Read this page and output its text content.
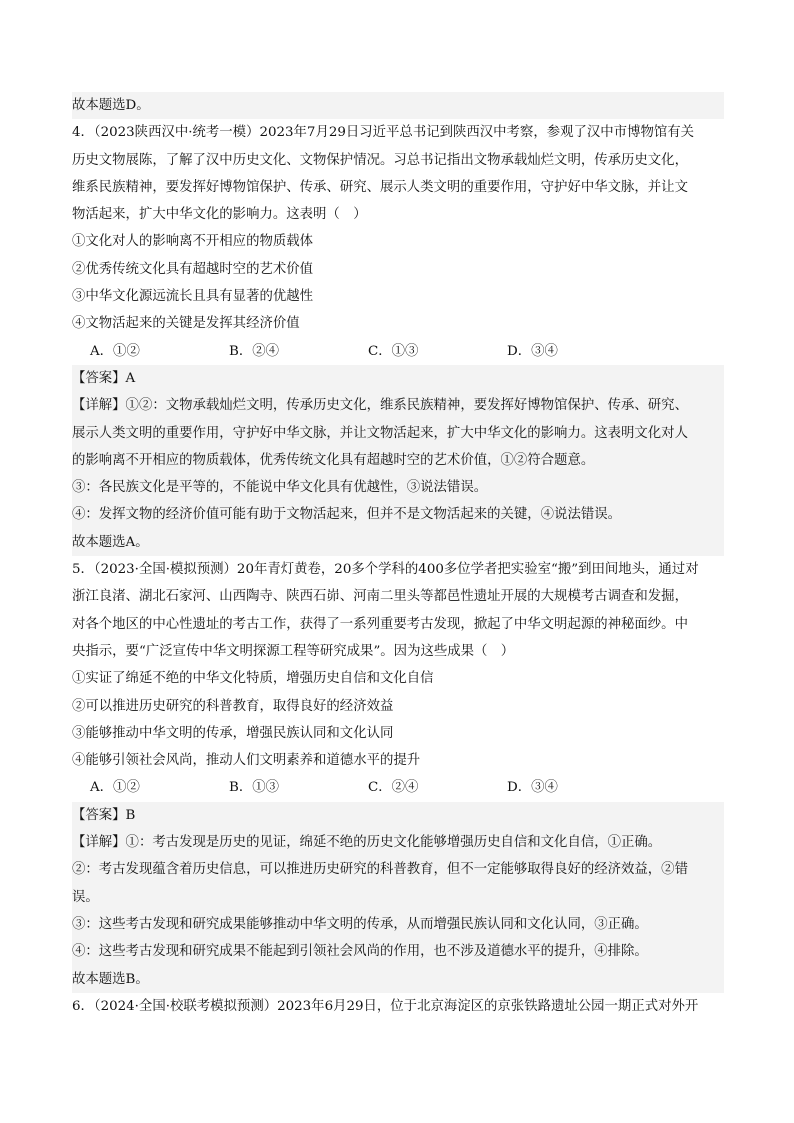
故本题选D。
4．（2023陕西汉中·统考一模）2023年7月29日习近平总书记到陕西汉中考察，参观了汉中市博物馆有关
历史文物展陈，了解了汉中历史文化、文物保护情况。习总书记指出文物承载灿烂文明，传承历史文化，
维系民族精神，要发挥好博物馆保护、传承、研究、展示人类文明的重要作用，守护好中华文脉，并让文
物活起来，扩大中华文化的影响力。这表明（　）
①文化对人的影响离不开相应的物质载体
②优秀传统文化具有超越时空的艺术价值
③中华文化源远流长且具有显著的优越性
④文物活起来的关键是发挥其经济价值
A．①②	B．②④	C．①③	D．③④
【答案】A
【详解】①②：文物承载灿烂文明，传承历史文化，维系民族精神，要发挥好博物馆保护、传承、研究、
展示人类文明的重要作用，守护好中华文脉，并让文物活起来，扩大中华文化的影响力。这表明文化对人
的影响离不开相应的物质载体，优秀传统文化具有超越时空的艺术价值，①②符合题意。
③：各民族文化是平等的，不能说中华文化具有优越性，③说法错误。
④：发挥文物的经济价值可能有助于文物活起来，但并不是文物活起来的关键，④说法错误。
故本题选A。
5．（2023·全国·模拟预测）20年青灯黄卷，20多个学科的400多位学者把实验室“搬”到田间地头，通过对
浙江良渚、湖北石家河、山西陶寺、陕西石峁、河南二里头等都邑性遗址开展的大规模考古调查和发掘，
对各个地区的中心性遗址的考古工作，获得了一系列重要考古发现，掀起了中华文明起源的神秘面纱。中
央指示，要“广泛宣传中华文明探源工程等研究成果”。因为这些成果（　）
①实证了绵延不绝的中华文化特质，增强历史自信和文化自信
②可以推进历史研究的科普教育，取得良好的经济效益
③能够推动中华文明的传承，增强民族认同和文化认同
④能够引领社会风尚，推动人们文明素养和道德水平的提升
A．①②	B．①③	C．②④	D．③④
【答案】B
【详解】①：考古发现是历史的见证，绵延不绝的历史文化能够增强历史自信和文化自信，①正确。
②：考古发现蕴含着历史信息，可以推进历史研究的科普教育，但不一定能够取得良好的经济效益，②错
误。
③：这些考古发现和研究成果能够推动中华文明的传承，从而增强民族认同和文化认同，③正确。
④：这些考古发现和研究成果不能起到引领社会风尚的作用，也不涉及道德水平的提升，④排除。
故本题选B。
6．（2024·全国·校联考模拟预测）2023年6月29日，位于北京海淀区的京张铁路遗址公园一期正式对外开
